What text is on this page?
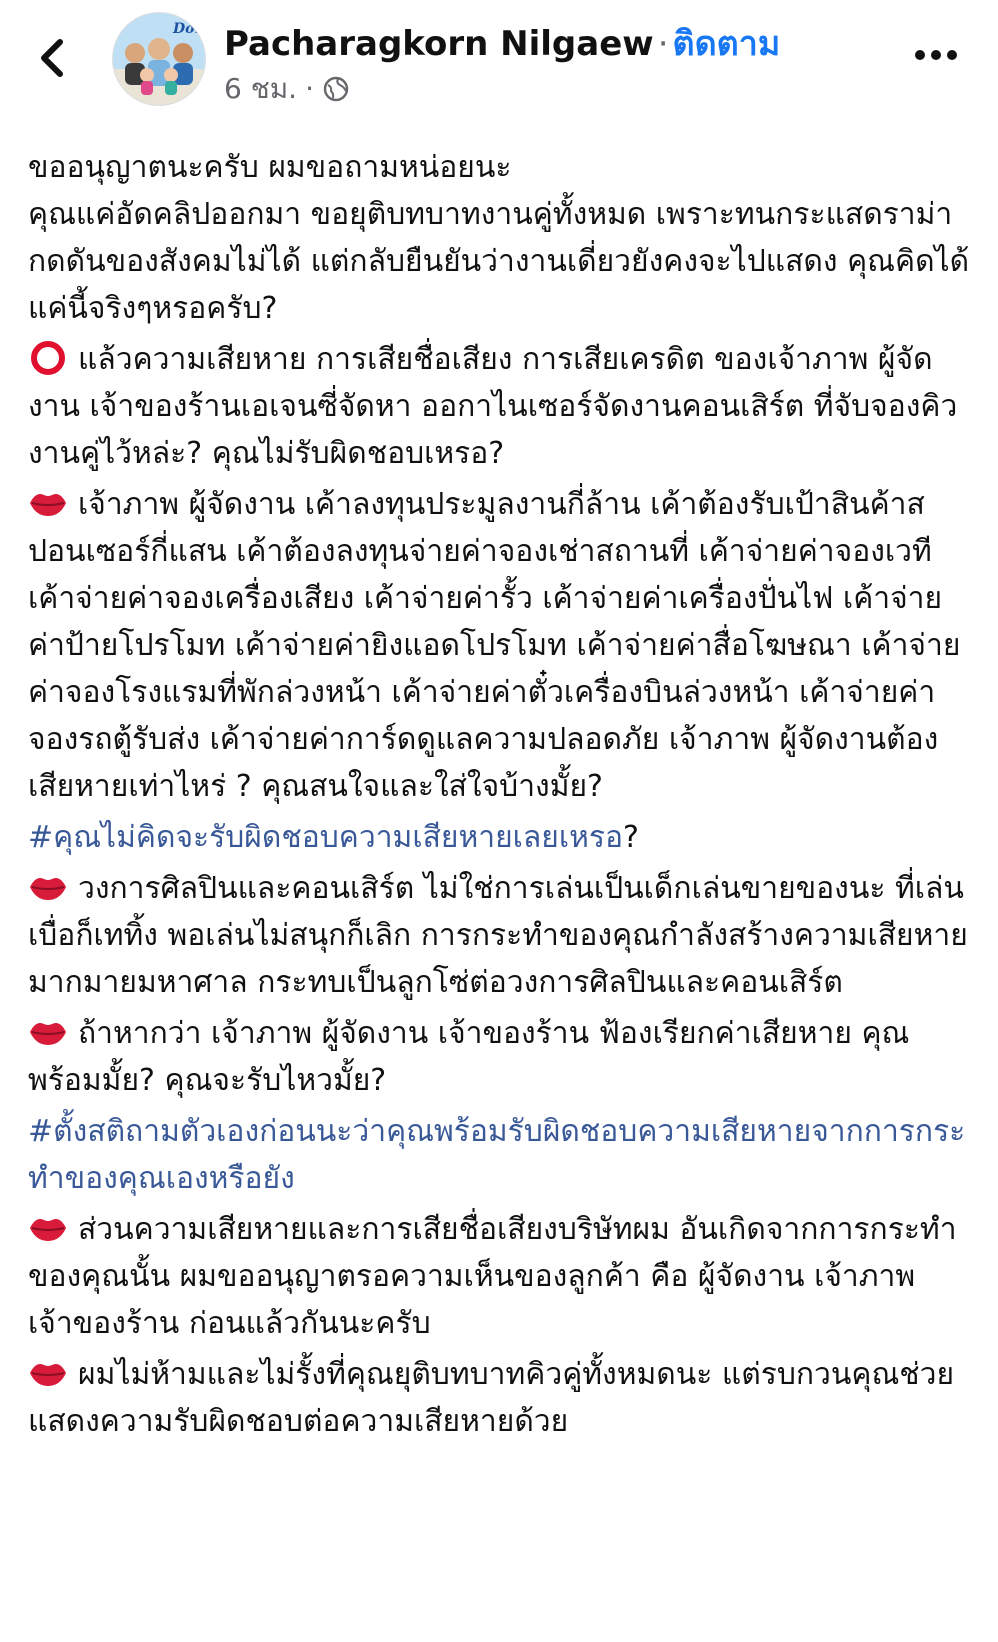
Don Pacharagkorn Nilgaew · ติดตาม
6 ชม. ·

ขออนุญาตนะครับ ผมขอถามหน่อยนะ
คุณแค่อัดคลิปออกมา ขอยุติบทบาทงานคู่ทั้งหมด เพราะทนกระแสดราม่ากดดันของสังคมไม่ได้ แต่กลับยืนยันว่างานเดี่ยวยังคงจะไปแสดง คุณคิดได้แค่นี้จริงๆหรอครับ?

แล้วความเสียหาย การเสียชื่อเสียง การเสียเครดิต ของเจ้าภาพ ผู้จัดงาน เจ้าของร้านเอเจนซี่จัดหา ออกาไนเซอร์จัดงานคอนเสิร์ต ที่จับจองคิวงานคู่ไว้หล่ะ? คุณไม่รับผิดชอบเหรอ?

เจ้าภาพ ผู้จัดงาน เค้าลงทุนประมูลงานกี่ล้าน เค้าต้องรับเป้าสินค้าสปอนเซอร์กี่แสน เค้าต้องลงทุนจ่ายค่าจองเช่าสถานที่ เค้าจ่ายค่าจองเวที เค้าจ่ายค่าจองเครื่องเสียง เค้าจ่ายค่ารั้ว เค้าจ่ายค่าเครื่องปั่นไฟ เค้าจ่ายค่าป้ายโปรโมท เค้าจ่ายค่ายิงแอดโปรโมท เค้าจ่ายค่าสื่อโฆษณา เค้าจ่ายค่าจองโรงแรมที่พักล่วงหน้า เค้าจ่ายค่าตั๋วเครื่องบินล่วงหน้า เค้าจ่ายค่าจองรถตู้รับส่ง เค้าจ่ายค่าการ์ดดูแลความปลอดภัย เจ้าภาพ ผู้จัดงานต้องเสียหายเท่าไหร่ ? คุณสนใจและใส่ใจบ้างมั้ย?

#คุณไม่คิดจะรับผิดชอบความเสียหายเลยเหรอ?

วงการศิลปินและคอนเสิร์ต ไม่ใช่การเล่นเป็นเด็กเล่นขายของนะ ที่เล่นเบื่อก็เททิ้ง พอเล่นไม่สนุกก็เลิก การกระทำของคุณกำลังสร้างความเสียหายมากมายมหาศาล กระทบเป็นลูกโซ่ต่อวงการศิลปินและคอนเสิร์ต

ถ้าหากว่า เจ้าภาพ ผู้จัดงาน เจ้าของร้าน ฟ้องเรียกค่าเสียหาย คุณพร้อมมั้ย? คุณจะรับไหวมั้ย?

#ตั้งสติถามตัวเองก่อนนะว่าคุณพร้อมรับผิดชอบความเสียหายจากการกระทำของคุณเองหรือยัง

ส่วนความเสียหายและการเสียชื่อเสียงบริษัทผม อันเกิดจากการกระทำของคุณนั้น ผมขออนุญาตรอความเห็นของลูกค้า คือ ผู้จัดงาน เจ้าภาพ เจ้าของร้าน ก่อนแล้วกันนะครับ

ผมไม่ห้ามและไม่รั้งที่คุณยุติบทบาทคิวคู่ทั้งหมดนะ แต่รบกวนคุณช่วยแสดงความรับผิดชอบต่อความเสียหายด้วย
